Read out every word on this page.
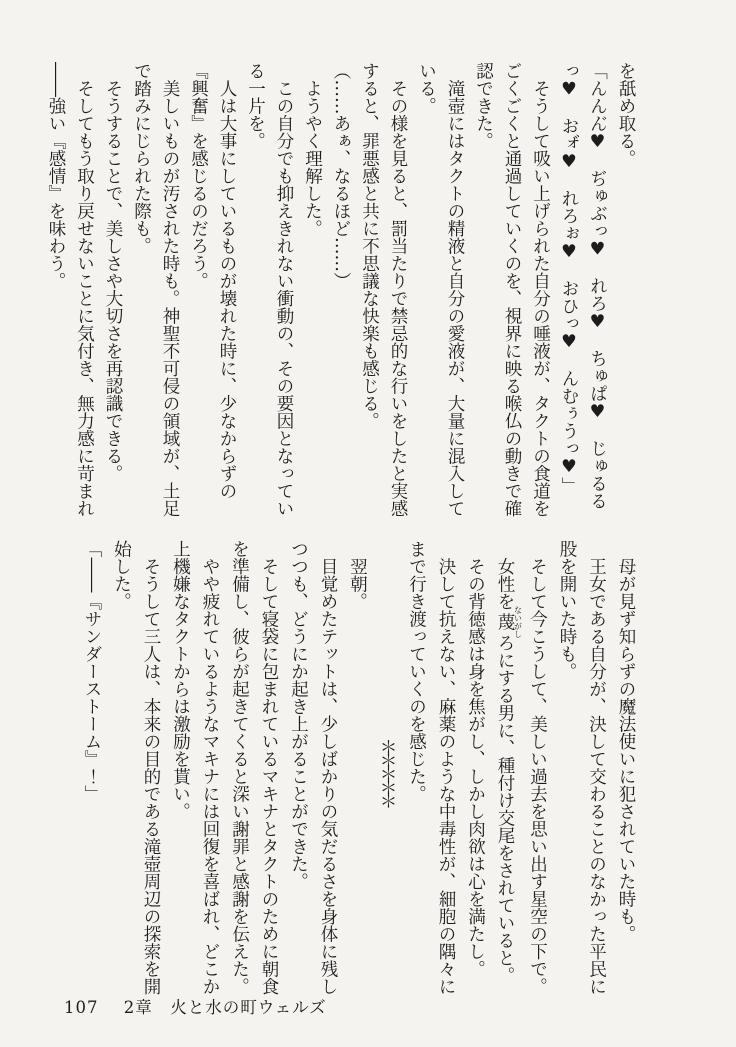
を舐め取る。

「んんん゙♥　ぢゅぶっ♥　れろ♥　ちゅぱ♥　じゅるるっ♥　おォ゙♥　れろぉ♥　おひっ♥　んむぅうっ♥」

　そうして吸い上げられた自分の唾液が、タクトの食道をごくごくと通過していくのを、視界に映る喉仏の動きで確認できた。

　滝壺にはタクトの精液と自分の愛液が、大量に混入している。

　その様を見ると、罰当たりで禁忌的な行いをしたと実感すると、罪悪感と共に不思議な快楽も感じる。

（……あぁ、なるほど……）

　ようやく理解した。

　この自分でも抑えきれない衝動の、その要因となっている一片を。

　人は大事にしているものが壊れた時に、少なからずの『興奮』を感じるのだろう。

　美しいものが汚された時も。神聖不可侵の領域が、土足で踏みにじられた際も。

　そうすることで、美しさや大切さを再認識できる。

　そしてもう取り戻せないことに気付き、無力感に苛まれ――強い『感情』を味わう。

　母が見ず知らずの魔法使いに犯されていた時も。

　王女である自分が、決して交わることのなかった平民に股を開いた時も。

　そして今こうして、美しい過去を思い出す星空の下で。

　女性を蔑ないがしろにする男に、種付け交尾をされていると。

　その背徳感は身を焦がし、しかし肉欲は心を満たし。

　決して抗えない、麻薬のような中毒性が、細胞の隅々にまで行き渡っていくのを感じた。

＊＊＊＊＊

　翌朝。

　目覚めたテットは、少しばかりの気だるさを身体に残しつつも、どうにか起き上がることができた。

　そして寝袋に包まれているマキナとタクトのために朝食を準備し、彼らが起きてくると深い謝罪と感謝を伝えた。

　やや疲れているようなマキナには回復を喜ばれ、どこか上機嫌なタクトからは激励を貰い。

　そうして三人は、本来の目的である滝壺周辺の探索を開始した。

「――『サンダーストーム』！」

107 2章　火と水の町ウェルズ
